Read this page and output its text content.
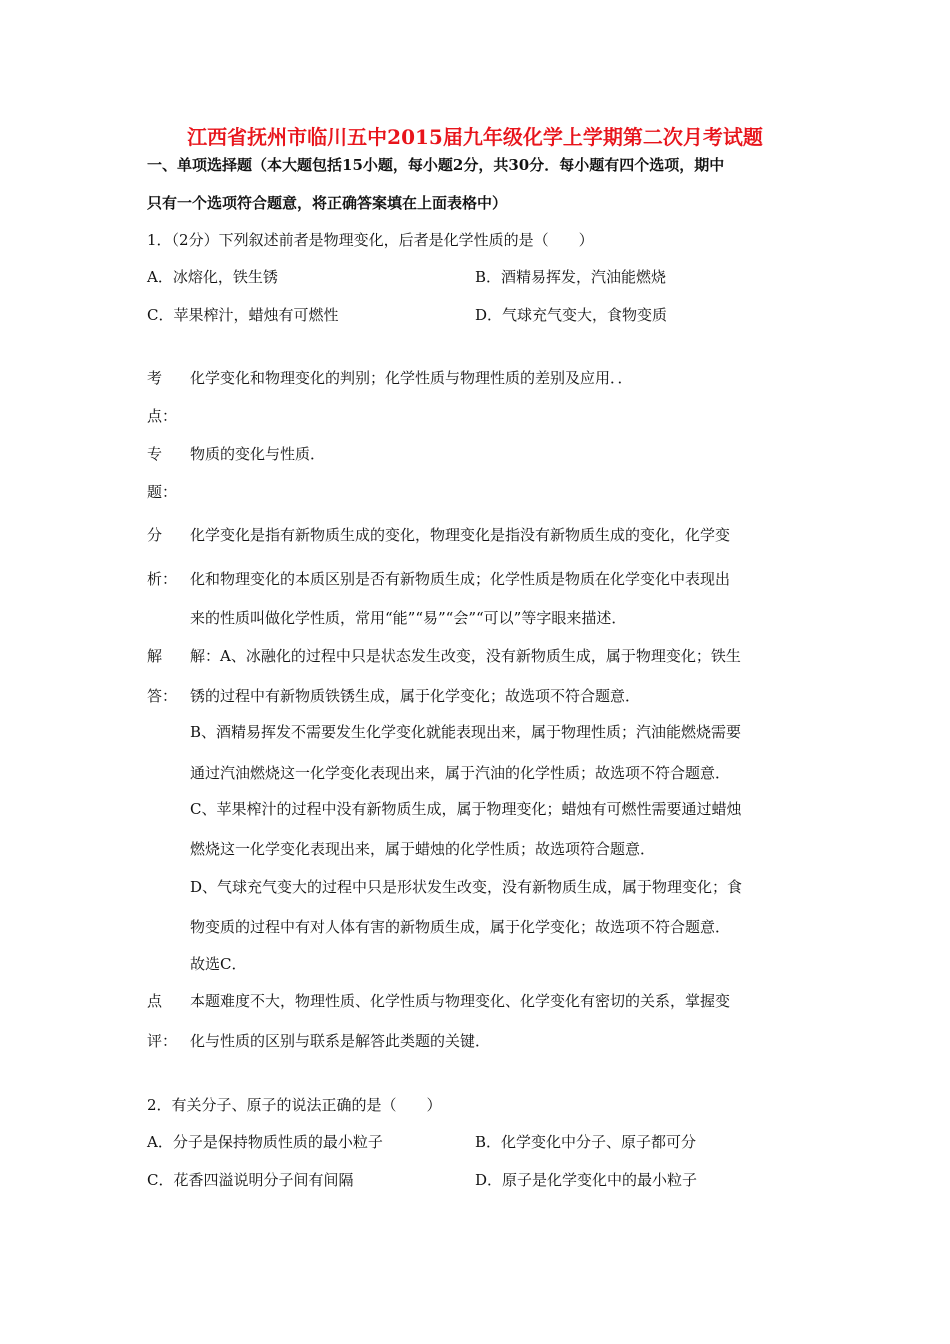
江西省抚州市临川五中2015届九年级化学上学期第二次月考试题
一、单项选择题（本大题包括15小题，每小题2分，共30分．每小题有四个选项，期中
只有一个选项符合题意，将正确答案填在上面表格中）
1．（2分）下列叙述前者是物理变化，后者是化学性质的是（　　）
A．冰熔化，铁生锈	B．酒精易挥发，汽油能燃烧
C．苹果榨汁，蜡烛有可燃性	D．气球充气变大，食物变质
考
点：
化学变化和物理变化的判别；化学性质与物理性质的差别及应用．．
专
题：
物质的变化与性质．
分
析：
化学变化是指有新物质生成的变化，物理变化是指没有新物质生成的变化，化学变
化和物理变化的本质区别是否有新物质生成；化学性质是物质在化学变化中表现出
来的性质叫做化学性质，常用“能”“易”“会”“可以”等字眼来描述．
解
答：
解：A、冰融化的过程中只是状态发生改变，没有新物质生成，属于物理变化；铁生
锈的过程中有新物质铁锈生成，属于化学变化；故选项不符合题意．
B、酒精易挥发不需要发生化学变化就能表现出来，属于物理性质；汽油能燃烧需要
通过汽油燃烧这一化学变化表现出来，属于汽油的化学性质；故选项不符合题意．
C、苹果榨汁的过程中没有新物质生成，属于物理变化；蜡烛有可燃性需要通过蜡烛
燃烧这一化学变化表现出来，属于蜡烛的化学性质；故选项符合题意．
D、气球充气变大的过程中只是形状发生改变，没有新物质生成，属于物理变化；食
物变质的过程中有对人体有害的新物质生成，属于化学变化；故选项不符合题意．
故选C．
点
评：
本题难度不大，物理性质、化学性质与物理变化、化学变化有密切的关系，掌握变
化与性质的区别与联系是解答此类题的关键．
2．有关分子、原子的说法正确的是（　　）
A．分子是保持物质性质的最小粒子	B．化学变化中分子、原子都可分
C．花香四溢说明分子间有间隔	D．原子是化学变化中的最小粒子
